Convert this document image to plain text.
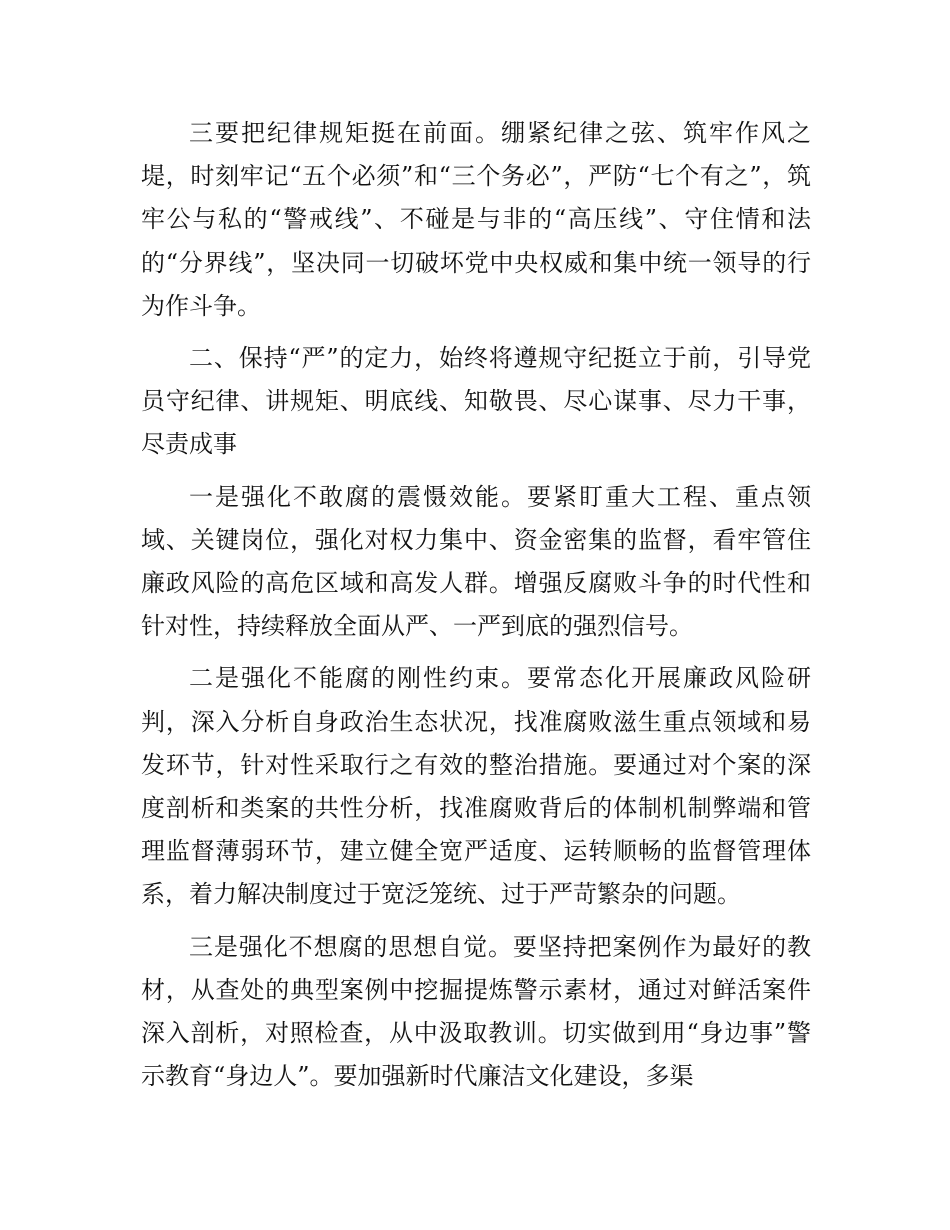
三要把纪律规矩挺在前面。绷紧纪律之弦、筑牢作风之堤，时刻牢记“五个必须”和“三个务必”，严防“七个有之”，筑牢公与私的“警戒线”、不碰是与非的“高压线”、守住情和法的“分界线”，坚决同一切破坏党中央权威和集中统一领导的行为作斗争。

二、保持“严”的定力，始终将遵规守纪挺立于前，引导党员守纪律、讲规矩、明底线、知敬畏、尽心谋事、尽力干事，尽责成事

一是强化不敢腐的震慑效能。要紧盯重大工程、重点领域、关键岗位，强化对权力集中、资金密集的监督，看牢管住廉政风险的高危区域和高发人群。增强反腐败斗争的时代性和针对性，持续释放全面从严、一严到底的强烈信号。

二是强化不能腐的刚性约束。要常态化开展廉政风险研判，深入分析自身政治生态状况，找准腐败滋生重点领域和易发环节，针对性采取行之有效的整治措施。要通过对个案的深度剖析和类案的共性分析，找准腐败背后的体制机制弊端和管理监督薄弱环节，建立健全宽严适度、运转顺畅的监督管理体系，着力解决制度过于宽泛笼统、过于严苛繁杂的问题。

三是强化不想腐的思想自觉。要坚持把案例作为最好的教材，从查处的典型案例中挖掘提炼警示素材，通过对鲜活案件深入剖析，对照检查，从中汲取教训。切实做到用“身边事”警示教育“身边人”。要加强新时代廉洁文化建设，多渠
